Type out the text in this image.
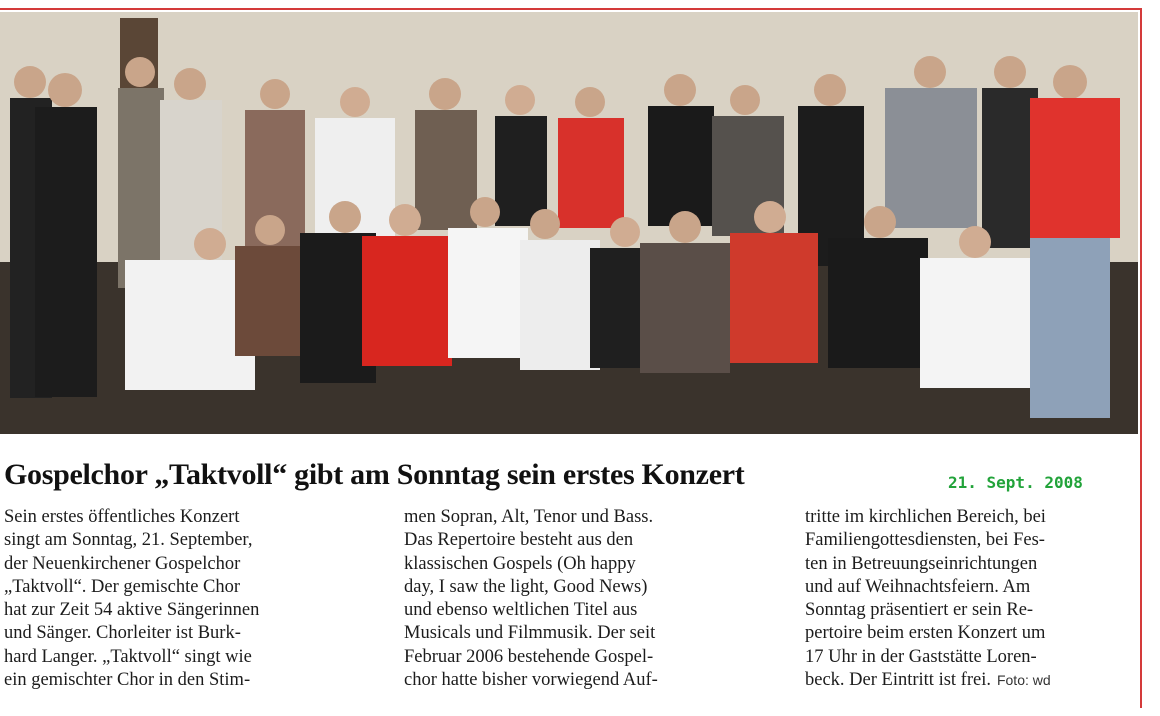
Gospelchor „Taktvoll“ gibt am Sonntag sein erstes Konzert	21. Sept. 2008
Sein erstes öffentliches Konzert
singt am Sonntag, 21. September,
der Neuenkirchener Gospelchor
„Taktvoll“. Der gemischte Chor
hat zur Zeit 54 aktive Sängerinnen
und Sänger. Chorleiter ist Burk-
hard Langer. „Taktvoll“ singt wie
ein gemischter Chor in den Stim-
men Sopran, Alt, Tenor und Bass.
Das Repertoire besteht aus den
klassischen Gospels (Oh happy
day, I saw the light, Good News)
und ebenso weltlichen Titel aus
Musicals und Filmmusik. Der seit
Februar 2006 bestehende Gospel-
chor hatte bisher vorwiegend Auf-
tritte im kirchlichen Bereich, bei
Familiengottesdiensten, bei Fes-
ten in Betreuungseinrichtungen
und auf Weihnachtsfeiern. Am
Sonntag präsentiert er sein Re-
pertoire beim ersten Konzert um
17 Uhr in der Gaststätte Loren-
beck. Der Eintritt ist frei. Foto: wd
